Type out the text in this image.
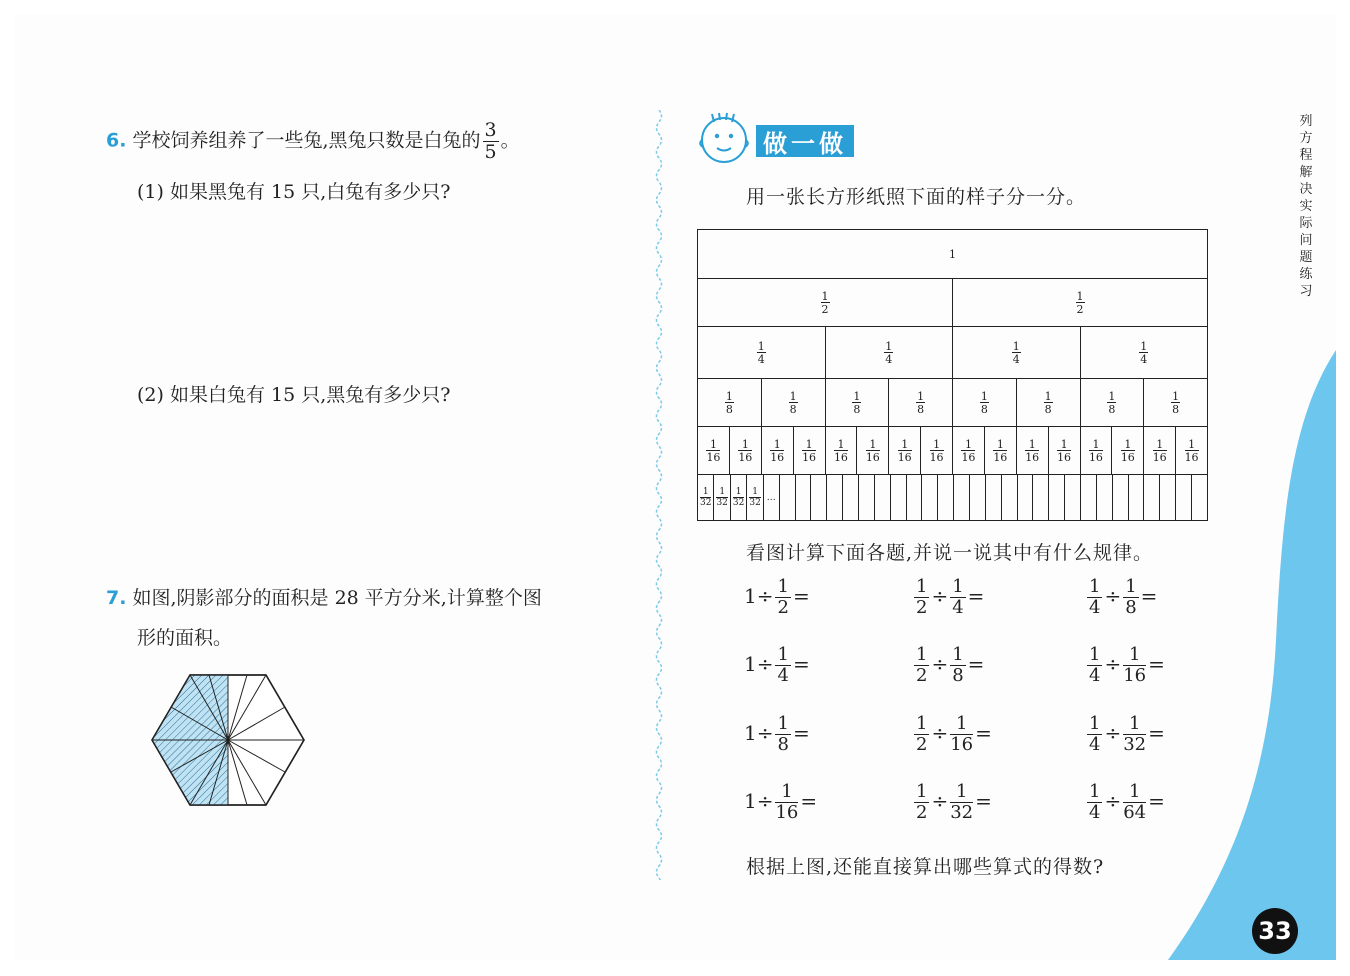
6. 学校饲养组养了一些兔,黑兔只数是白兔的 $\frac{3}{5}$ 。
(1) 如果黑兔有 15 只,白兔有多少只?
(2) 如果白兔有 15 只,黑兔有多少只?
7. 如图,阴影部分的面积是 28 平方分米,计算整个图
形的面积。
做一做
用一张长方形纸照下面的样子分一分。
1
$\frac{1}{2}$	$\frac{1}{2}$
$\frac{1}{4}$	$\frac{1}{4}$	$\frac{1}{4}$	$\frac{1}{4}$
$\frac{1}{8}$	$\frac{1}{8}$	$\frac{1}{8}$	$\frac{1}{8}$	$\frac{1}{8}$	$\frac{1}{8}$	$\frac{1}{8}$	$\frac{1}{8}$
$\frac{1}{16} \frac{1}{16} \frac{1}{16} \frac{1}{16} \frac{1}{16} \frac{1}{16} \frac{1}{16} \frac{1}{16} \frac{1}{16} \frac{1}{16} \frac{1}{16} \frac{1}{16} \frac{1}{16} \frac{1}{16} \frac{1}{16} \frac{1}{16}$
$\frac{1}{32} \frac{1}{32} \frac{1}{32} \frac{1}{32}$ …
看图计算下面各题,并说一说其中有什么规律。
$1\div \frac{1}{2}$ =	$\frac{1}{2} \div \frac{1}{4}$ =	$\frac{1}{4} \div \frac{1}{8}$ =
$1\div \frac{1}{4}$ =	$\frac{1}{2} \div \frac{1}{8}$ =	$\frac{1}{4} \div \frac{1}{16}$ =
$1\div \frac{1}{8}$ =	$\frac{1}{2} \div \frac{1}{16}$ =	$\frac{1}{4} \div \frac{1}{32}$ =
$1\div \frac{1}{16}$ =	$\frac{1}{2} \div \frac{1}{32}$ =	$\frac{1}{4} \div \frac{1}{64}$ =
根据上图,还能直接算出哪些算式的得数?
列
方
程
解
决
实
际
问
题
练
习
33
